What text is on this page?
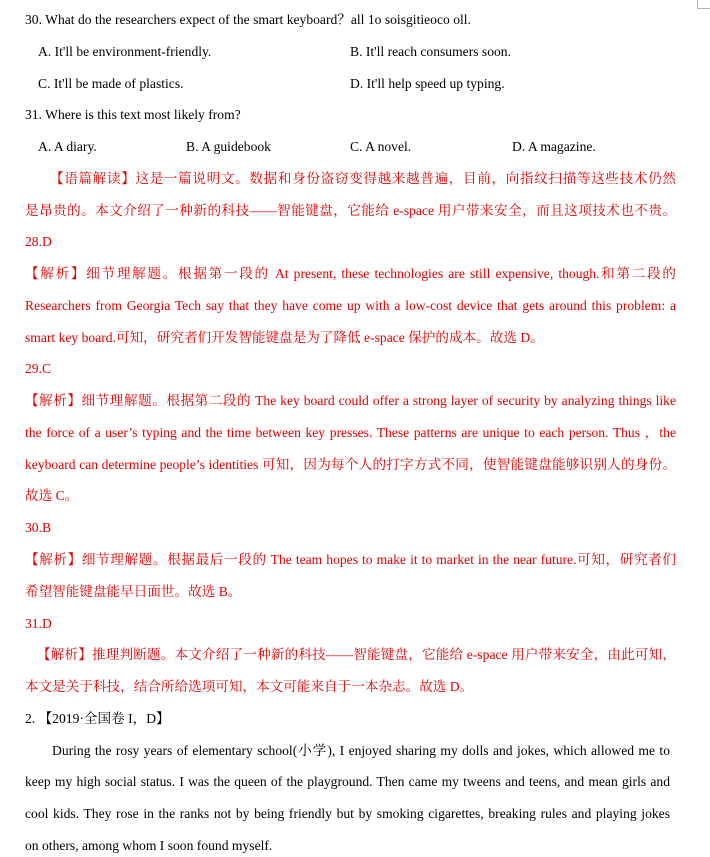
30. What do the researchers expect of the smart keyboard？all 1o soisgitieoco oll.
A. It'll be environment-friendly.	B. It'll reach consumers soon.
C. It'll be made of plastics.	D. It'll help speed up typing.
31. Where is this text most likely from?
A. A diary.	B. A guidebook	C. A novel.	D. A magazine.
【语篇解读】这是一篇说明文。数据和身份盗窃变得越来越普遍，目前，向指纹扫描等这些技术仍然
是昂贵的。本文介绍了一种新的科技——智能键盘，它能给 e-space 用户带来安全，而且这项技术也不贵。
28.D
【解析】细节理解题。根据第一段的 At present, these technologies are still expensive, though.和第二段的
Researchers from Georgia Tech say that they have come up with a low-cost device that gets around this problem: a
smart key board.可知，研究者们开发智能键盘是为了降低 e-space 保护的成本。故选 D。
29.C
【解析】细节理解题。根据第二段的 The key board could offer a strong layer of security by analyzing things like
the force of a user’s typing and the time between key presses. These patterns are unique to each person. Thus ，the
keyboard can determine people’s identities 可知，因为每个人的打字方式不同，使智能键盘能够识别人的身份。
故选 C。
30.B
【解析】细节理解题。根据最后一段的 The team hopes to make it to market in the near future.可知，研究者们
希望智能键盘能早日面世。故选 B。
31.D
【解析】推理判断题。本文介绍了一种新的科技——智能键盘，它能给 e-space 用户带来安全，由此可知，
本文是关于科技，结合所给选项可知，本文可能来自于一本杂志。故选 D。
2. 【2019·全国卷 I，D】
During the rosy years of elementary school(小学), I enjoyed sharing my dolls and jokes, which allowed me to
keep my high social status. I was the queen of the playground. Then came my tweens and teens, and mean girls and
cool kids. They rose in the ranks not by being friendly but by smoking cigarettes, breaking rules and playing jokes
on others, among whom I soon found myself.
